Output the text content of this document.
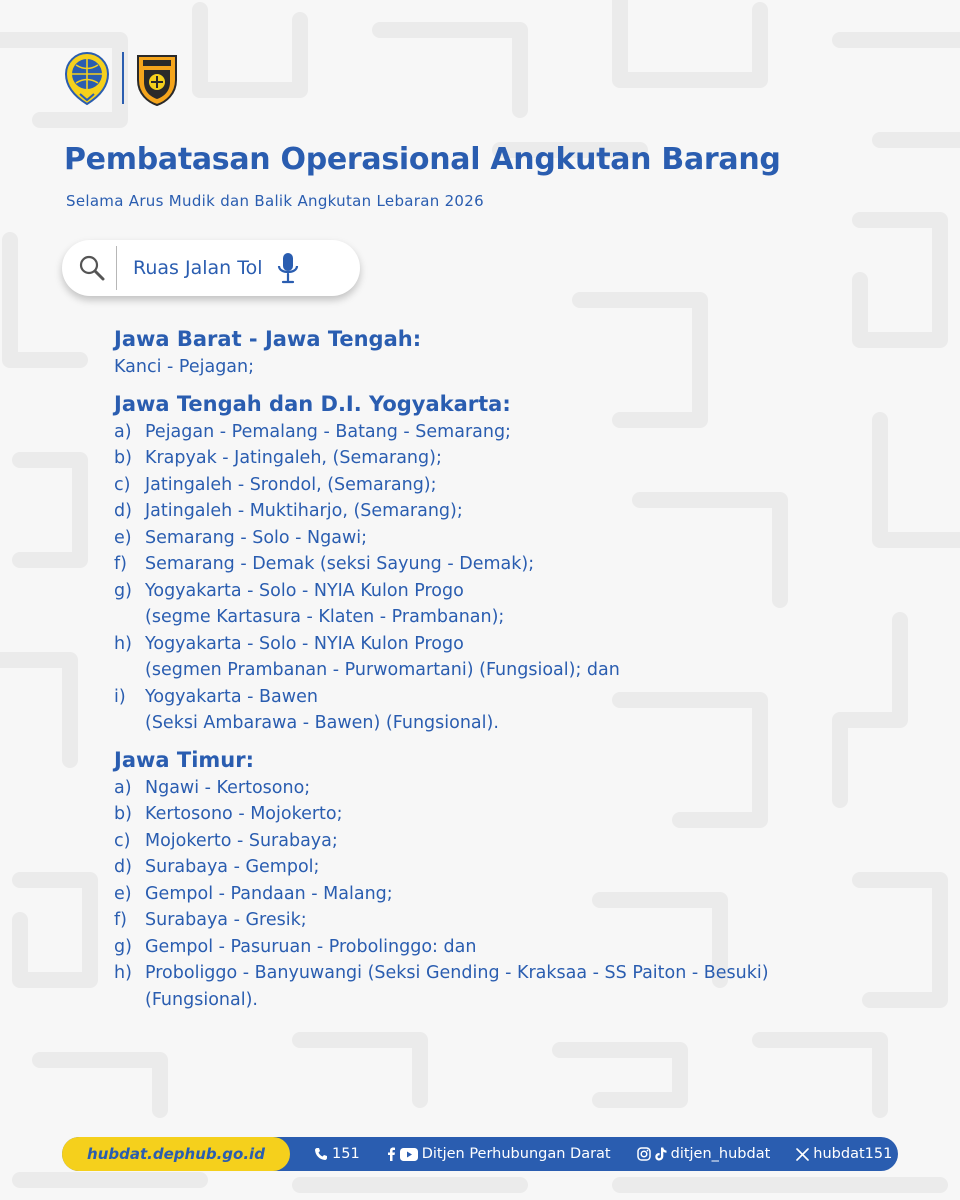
Pembatasan Operasional Angkutan Barang

Selama Arus Mudik dan Balik Angkutan Lebaran 2026

Ruas Jalan Tol
Jawa Barat - Jawa Tengah:
Kanci - Pejagan;
Jawa Tengah dan D.I. Yogyakarta:
a) Pejagan - Pemalang - Batang - Semarang;
b) Krapyak - Jatingaleh, (Semarang);
c) Jatingaleh - Srondol, (Semarang);
d) Jatingaleh - Muktiharjo, (Semarang);
e) Semarang - Solo - Ngawi;
f) Semarang - Demak (seksi Sayung - Demak);
g) Yogyakarta - Solo - NYIA Kulon Progo
(segme Kartasura - Klaten - Prambanan);
h) Yogyakarta - Solo - NYIA Kulon Progo
(segmen Prambanan - Purwomartani) (Fungsioal); dan
i) Yogyakarta - Bawen
(Seksi Ambarawa - Bawen) (Fungsional).
Jawa Timur:
a) Ngawi - Kertosono;
b) Kertosono - Mojokerto;
c) Mojokerto - Surabaya;
d) Surabaya - Gempol;
e) Gempol - Pandaan - Malang;
f) Surabaya - Gresik;
g) Gempol - Pasuruan - Probolinggo: dan
h) Proboliggo - Banyuwangi (Seksi Gending - Kraksaa - SS Paiton - Besuki)
(Fungsional).
hubdat.dephub.go.id	151	Ditjen Perhubungan Darat	ditjen_hubdat	hubdat151
